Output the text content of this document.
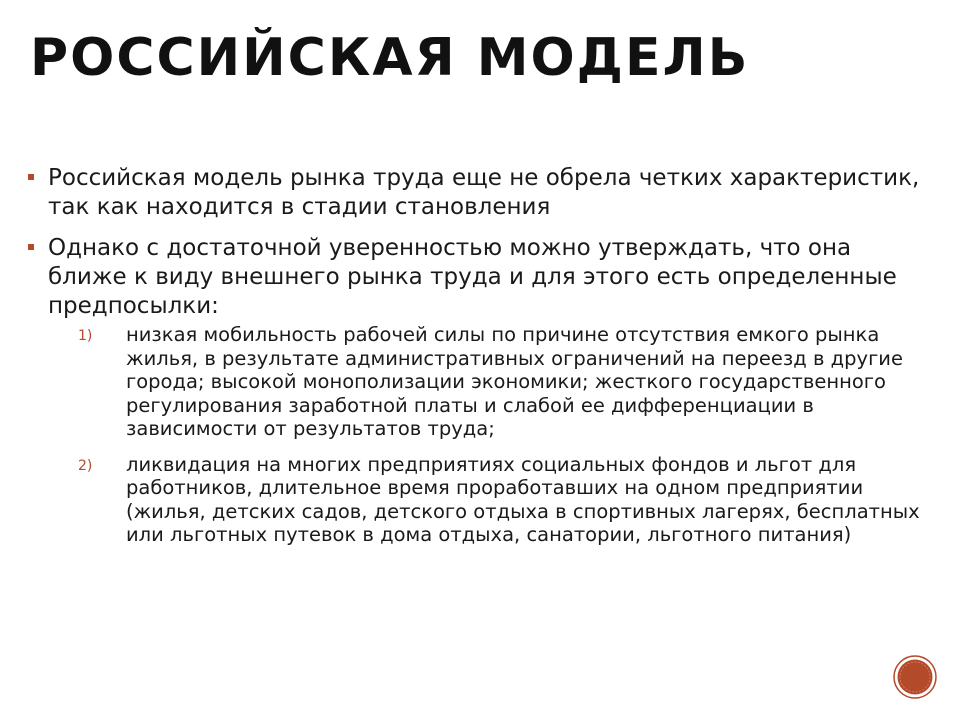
РОССИЙСКАЯ МОДЕЛЬ
Российская модель рынка труда еще не обрела четких характеристик, так как находится в стадии становления
Однако с достаточной уверенностью можно утверждать, что она ближе к виду внешнего рынка труда и для этого есть определенные предпосылки:
1) низкая мобильность рабочей силы по причине отсутствия емкого рынка жилья, в результате административных ограничений на переезд в другие города; высокой монополизации экономики; жесткого государственного регулирования заработной платы и слабой ее дифференциации в зависимости от результатов труда;
2) ликвидация на многих предприятиях социальных фондов и льгот для работников, длительное время проработавших на одном предприятии (жилья, детских садов, детского отдыха в спортивных лагерях, бесплатных или льготных путевок в дома отдыха, санатории, льготного питания)
